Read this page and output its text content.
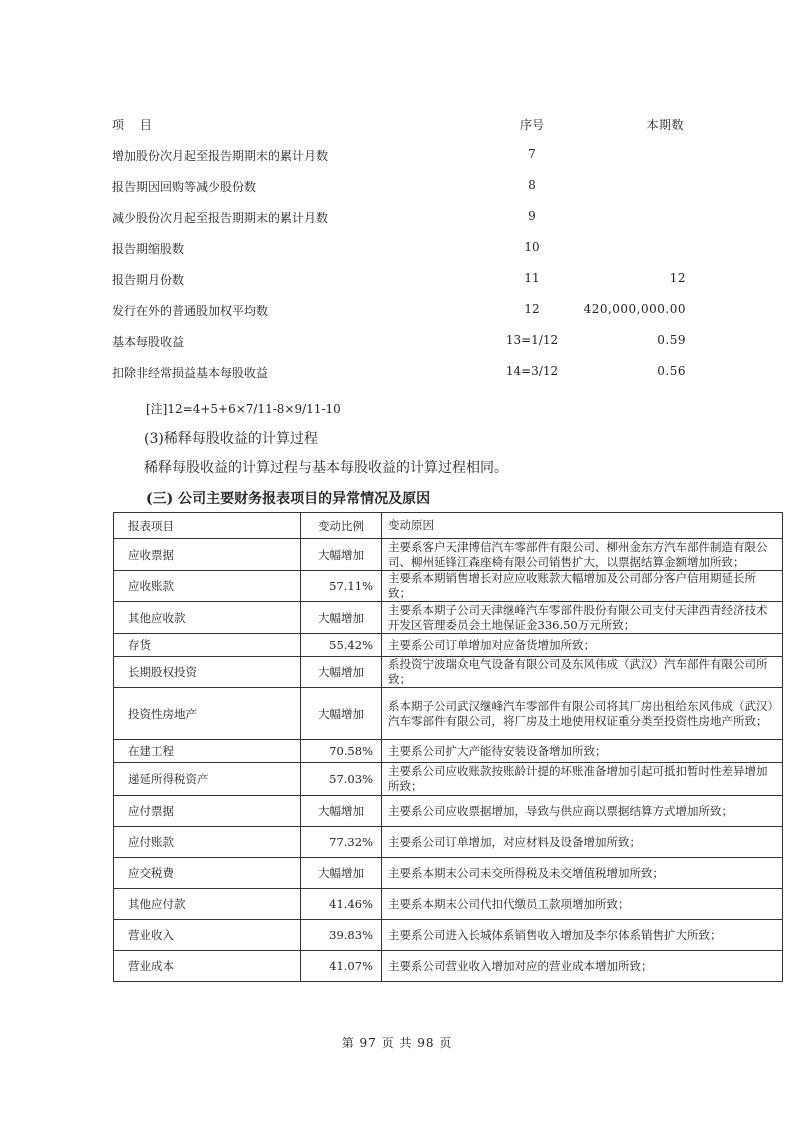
项 目	序号	本期数
增加股份次月起至报告期期末的累计月数	7
报告期因回购等减少股份数	8
减少股份次月起至报告期期末的累计月数	9
报告期缩股数	10
报告期月份数	11	12
发行在外的普通股加权平均数	12	420,000,000.00
基本每股收益	13=1/12	0.59
扣除非经常损益基本每股收益	14=3/12	0.56
[注]12=4+5+6×7/11-8×9/11-10
(3)稀释每股收益的计算过程
稀释每股收益的计算过程与基本每股收益的计算过程相同。
(三) 公司主要财务报表项目的异常情况及原因
报表项目	变动比例	变动原因
应收票据	大幅增加	主要系客户天津博信汽车零部件有限公司、柳州金东方汽车部件制造有限公司、柳州延锋江森座椅有限公司销售扩大，以票据结算金额增加所致；
应收账款	57.11%	主要系本期销售增长对应应收账款大幅增加及公司部分客户信用期延长所致；
其他应收款	大幅增加	主要系本期子公司天津继峰汽车零部件股份有限公司支付天津西青经济技术开发区管理委员会土地保证金336.50万元所致；
存货	55.42%	主要系公司订单增加对应备货增加所致；
长期股权投资	大幅增加	系投资宁波瑞众电气设备有限公司及东风伟成（武汉）汽车部件有限公司所致；
投资性房地产	大幅增加	系本期子公司武汉继峰汽车零部件有限公司将其厂房出租给东风伟成（武汉）汽车零部件有限公司，将厂房及土地使用权证重分类至投资性房地产所致；
在建工程	70.58%	主要系公司扩大产能待安装设备增加所致；
递延所得税资产	57.03%	主要系公司应收账款按账龄计提的坏账准备增加引起可抵扣暂时性差异增加所致；
应付票据	大幅增加	主要系公司应收票据增加，导致与供应商以票据结算方式增加所致；
应付账款	77.32%	主要系公司订单增加，对应材料及设备增加所致；
应交税费	大幅增加	主要系本期末公司未交所得税及未交增值税增加所致；
其他应付款	41.46%	主要系本期末公司代扣代缴员工款项增加所致；
营业收入	39.83%	主要系公司进入长城体系销售收入增加及李尔体系销售扩大所致；
营业成本	41.07%	主要系公司营业收入增加对应的营业成本增加所致；
第 97 页 共 98 页
